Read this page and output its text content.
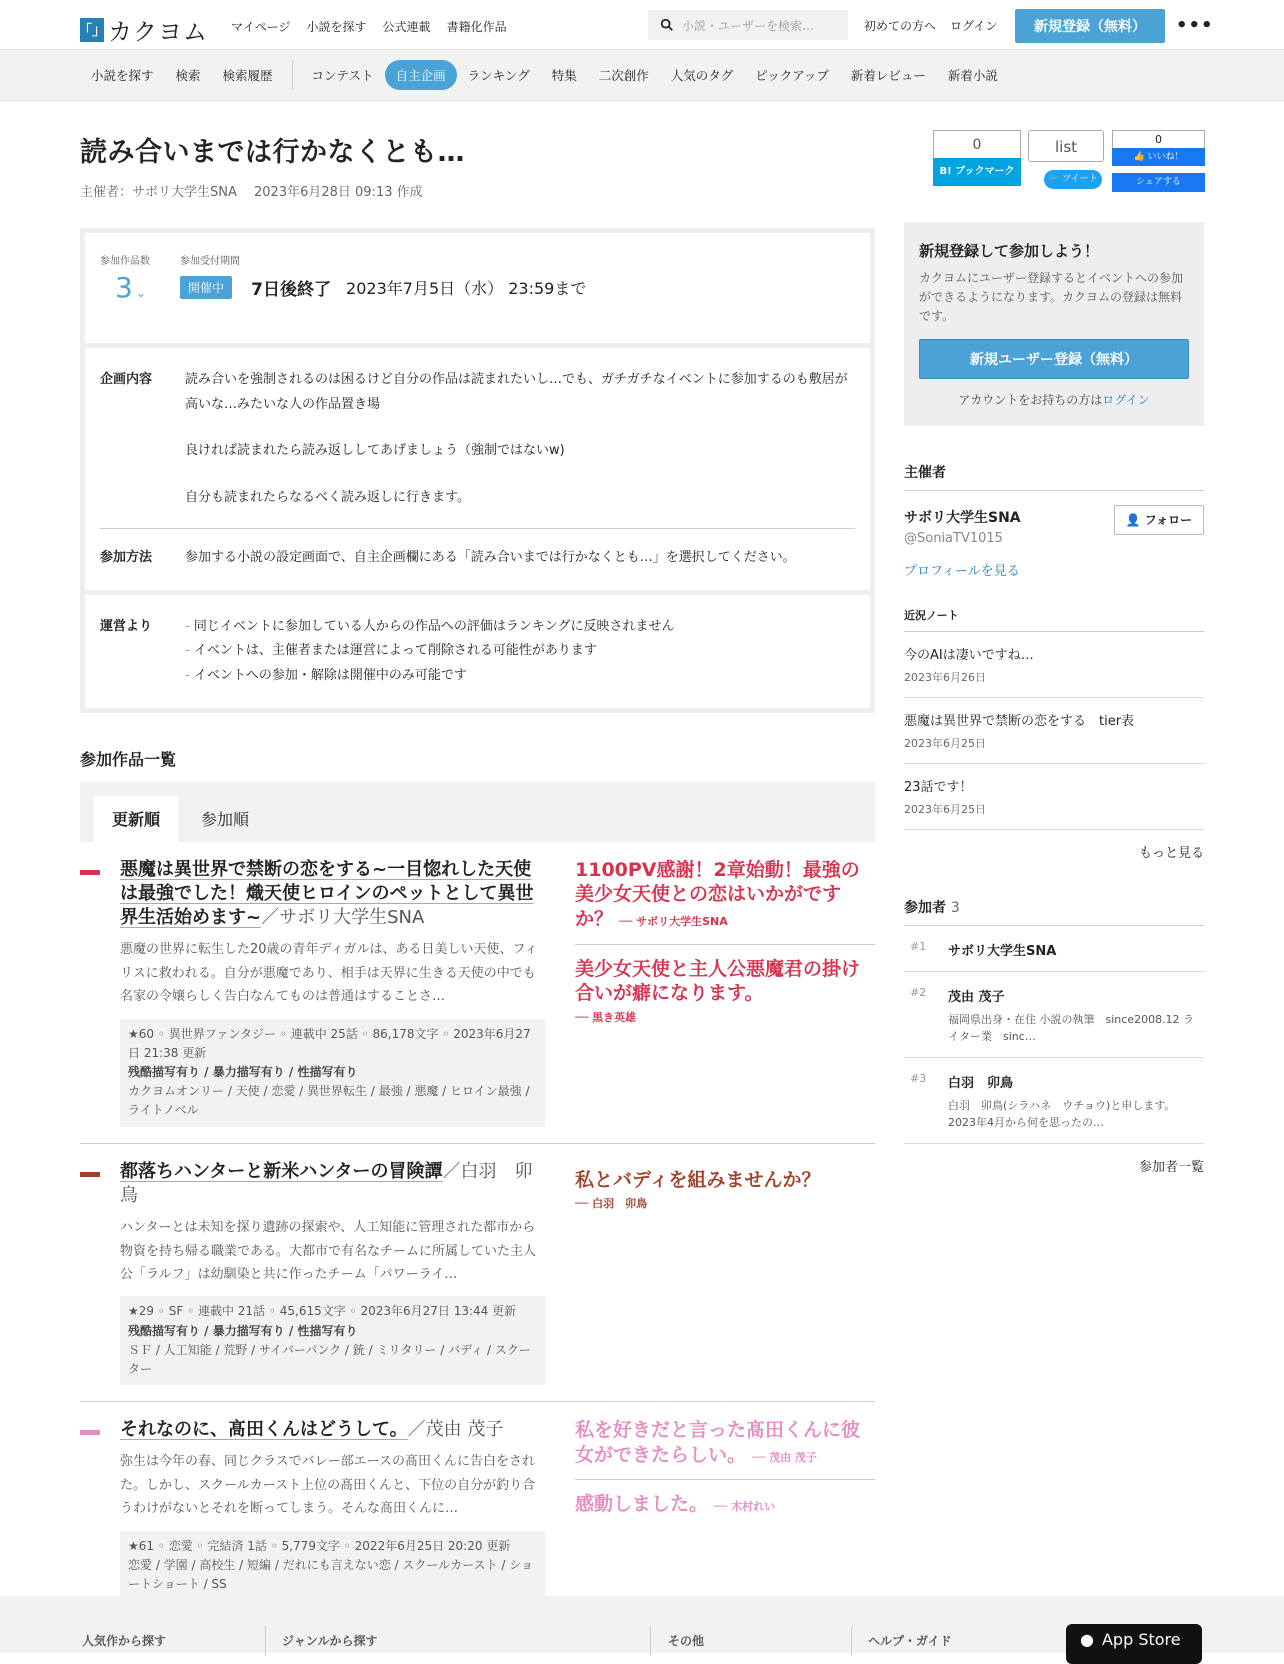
「」 カクヨム マイページ 小説を探す 公式連載 書籍化作品	小説・ユーザーを検索…	初めての方へ ログイン	新規登録（無料）	•••
小説を探す	検索	検索履歴	コンテスト	自主企画	ランキング	特集	二次創作	人気のタグ	ピックアップ	新着レビュー	新着小説
読み合いまでは行かなくとも…
主催者：サボリ大学生SNA　 2023年6月28日 09:13 作成
参加作品数
3 ⌄
参加受付期間
開催中 7日後終了 2023年7月5日（水） 23:59まで
企画内容	読み合いを強制されるのは困るけど自分の作品は読まれたいし…でも、ガチガチなイベントに参加するのも敷居が高いな…みたいな人の作品置き場

良ければ読まれたら読み返ししてあげましょう（強制ではないw)

自分も読まれたらなるべく読み返しに行きます。

参加方法	参加する小説の設定画面で、自主企画欄にある「読み合いまでは行かなくとも…」を選択してください。
運営より
-	同じイベントに参加している人からの作品への評価はランキングに反映されません
- イベントは、主催者または運営によって削除される可能性があります
- イベントへの参加・解除は開催中のみ可能です
参加作品一覧
更新順	参加順
悪魔は異世界で禁断の恋をする~一目惚れした天使は最強でした！熾天使ヒロインのペットとして異世界生活始めます~／サボリ大学生SNA
悪魔の世界に転生した20歳の青年ディガルは、ある日美しい天使、フィリスに救われる。自分が悪魔であり、相手は天界に生きる天使の中でも名家の令嬢らしく告白なんてものは普通はすることさ…
★60 ◦ 異世界ファンタジー ◦ 連載中 25話 ◦ 86,178文字 ◦ 2023年6月27日 21:38 更新
残酷描写有り / 暴力描写有り / 性描写有り
カクヨムオンリー / 天使 / 恋愛 / 異世界転生 / 最強 / 悪魔 / ヒロイン最強 / ライトノベル
1100PV感謝！2章始動！最強の美少女天使との恋はいかがですか？ ── サボリ大学生SNA
美少女天使と主人公悪魔君の掛け合いが癖になります。
── 黒き英雄
都落ちハンターと新米ハンターの冒険譚／白羽　卯鳥
ハンターとは未知を探り遺跡の探索や、人工知能に管理された都市から物資を持ち帰る職業である。大都市で有名なチームに所属していた主人公「ラルフ」は幼馴染と共に作ったチーム「パワーライ…
★29 ◦ SF ◦ 連載中 21話 ◦ 45,615文字 ◦ 2023年6月27日 13:44 更新
残酷描写有り / 暴力描写有り / 性描写有り
ＳＦ / 人工知能 / 荒野 / サイバーパンク / 銃 / ミリタリー / バディ / スクーター
私とバディを組みませんか？
── 白羽　卯鳥
それなのに、髙田くんはどうして。／茂由 茂子
弥生は今年の春、同じクラスでバレー部エースの髙田くんに告白をされた。しかし、スクールカースト上位の髙田くんと、下位の自分が釣り合うわけがないとそれを断ってしまう。そんな髙田くんに…
★61 ◦ 恋愛 ◦ 完結済 1話 ◦ 5,779文字 ◦ 2022年6月25日 20:20 更新
恋愛 / 学園 / 高校生 / 短編 / だれにも言えない恋 / スクールカースト / ショートショート / SS
私を好きだと言った髙田くんに彼女ができたらしい。 ── 茂由 茂子
感動しました。 ── 木村れい
0
B! ブックマーク
list
🐦 ツイート
0
👍 いいね！
シェアする
新規登録して参加しよう！

カクヨムにユーザー登録するとイベントへの参加ができるようになります。カクヨムの登録は無料です。

新規ユーザー登録（無料）
アカウントをお持ちの方はログイン
主催者
サボリ大学生SNA
@SoniaTV1015
👤 フォロー
プロフィールを見る
近況ノート
今のAIは凄いですね…
2023年6月26日
悪魔は異世界で禁断の恋をする　tier表
2023年6月25日
23話です！
2023年6月25日
もっと見る
参加者 3
#1	サボリ大学生SNA
#2	茂由 茂子
福岡県出身・在住 小説の執筆　since2008.12 ライター業　sinc…
#3	白羽　卯鳥
白羽　卯鳥(シラハネ　ウチョウ)と申します。2023年4月から何を思ったの…
参加者一覧
人気作から探す	ジャンルから探す	その他	ヘルプ・ガイド	● App Store
